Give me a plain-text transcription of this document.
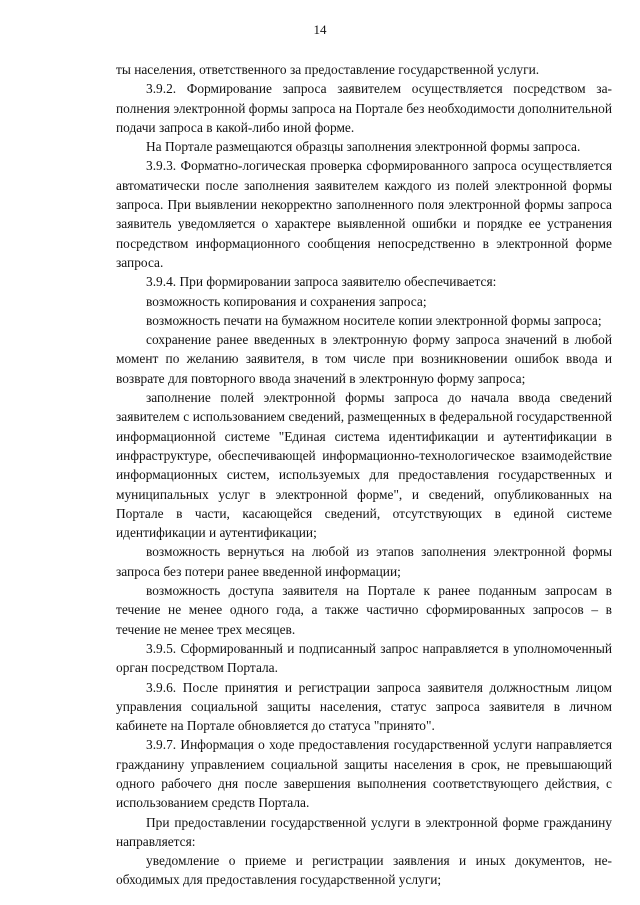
14

ты населения, ответственного за предоставление государственной услуги.

3.9.2. Формирование запроса заявителем осуществляется посредством заполнения электронной формы запроса на Портале без необходимости дополнительной подачи запроса в какой-либо иной форме.

На Портале размещаются образцы заполнения электронной формы запроса.

3.9.3. Форматно-логическая проверка сформированного запроса осуществляется автоматически после заполнения заявителем каждого из полей электронной формы запроса. При выявлении некорректно заполненного поля электронной формы запроса заявитель уведомляется о характере выявленной ошибки и порядке ее устранения посредством информационного сообщения непосредственно в электронной форме запроса.

3.9.4. При формировании запроса заявителю обеспечивается:

возможность копирования и сохранения запроса;

возможность печати на бумажном носителе копии электронной формы запроса;

сохранение ранее введенных в электронную форму запроса значений в любой момент по желанию заявителя, в том числе при возникновении ошибок ввода и возврате для повторного ввода значений в электронную форму запроса;

заполнение полей электронной формы запроса до начала ввода сведений заявителем с использованием сведений, размещенных в федеральной государственной информационной системе "Единая система идентификации и аутентификации в инфраструктуре, обеспечивающей информационно-технологическое взаимодействие информационных систем, используемых для предоставления государственных и муниципальных услуг в электронной форме", и сведений, опубликованных на Портале в части, касающейся сведений, отсутствующих в единой системе идентификации и аутентификации;

возможность вернуться на любой из этапов заполнения электронной формы запроса без потери ранее введенной информации;

возможность доступа заявителя на Портале к ранее поданным запросам в течение не менее одного года, а также частично сформированных запросов – в течение не менее трех месяцев.

3.9.5. Сформированный и подписанный запрос направляется в уполномоченный орган посредством Портала.

3.9.6. После принятия и регистрации запроса заявителя должностным лицом управления социальной защиты населения, статус запроса заявителя в личном кабинете на Портале обновляется до статуса "принято".

3.9.7. Информация о ходе предоставления государственной услуги направляется гражданину управлением социальной защиты населения в срок, не превышающий одного рабочего дня после завершения выполнения соответствующего действия, с использованием средств Портала.

При предоставлении государственной услуги в электронной форме гражданину направляется:

уведомление о приеме и регистрации заявления и иных документов, необходимых для предоставления государственной услуги;
